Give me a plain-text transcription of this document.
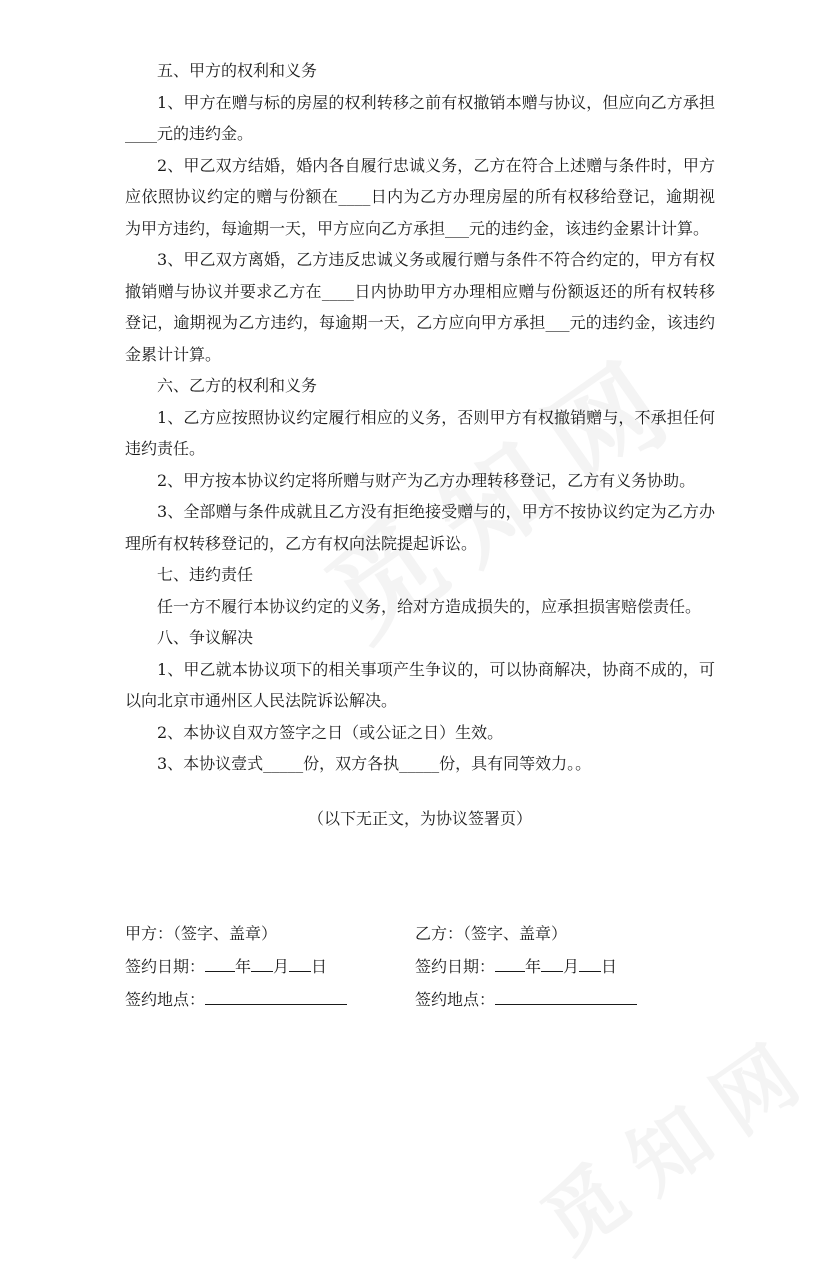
五、甲方的权利和义务

1、甲方在赠与标的房屋的权利转移之前有权撤销本赠与协议，但应向乙方承担____元的违约金。

2、甲乙双方结婚，婚内各自履行忠诚义务，乙方在符合上述赠与条件时，甲方应依照协议约定的赠与份额在____日内为乙方办理房屋的所有权移给登记，逾期视为甲方违约，每逾期一天，甲方应向乙方承担___元的违约金，该违约金累计计算。

3、甲乙双方离婚，乙方违反忠诚义务或履行赠与条件不符合约定的，甲方有权撤销赠与协议并要求乙方在____日内协助甲方办理相应赠与份额返还的所有权转移登记，逾期视为乙方违约，每逾期一天，乙方应向甲方承担___元的违约金，该违约金累计计算。

六、乙方的权利和义务

1、乙方应按照协议约定履行相应的义务，否则甲方有权撤销赠与，不承担任何违约责任。

2、甲方按本协议约定将所赠与财产为乙方办理转移登记，乙方有义务协助。

3、全部赠与条件成就且乙方没有拒绝接受赠与的，甲方不按协议约定为乙方办理所有权转移登记的，乙方有权向法院提起诉讼。

七、违约责任

任一方不履行本协议约定的义务，给对方造成损失的，应承担损害赔偿责任。

八、争议解决

1、甲乙就本协议项下的相关事项产生争议的，可以协商解决，协商不成的，可以向北京市通州区人民法院诉讼解决。

2、本协议自双方签字之日（或公证之日）生效。

3、本协议壹式_____份，双方各执_____份，具有同等效力。。

（以下无正文，为协议签署页）

甲方：（签字、盖章）	乙方：（签字、盖章）
签约日期： 年 月 日	签约日期： 年 月 日
签约地点：	签约地点：
